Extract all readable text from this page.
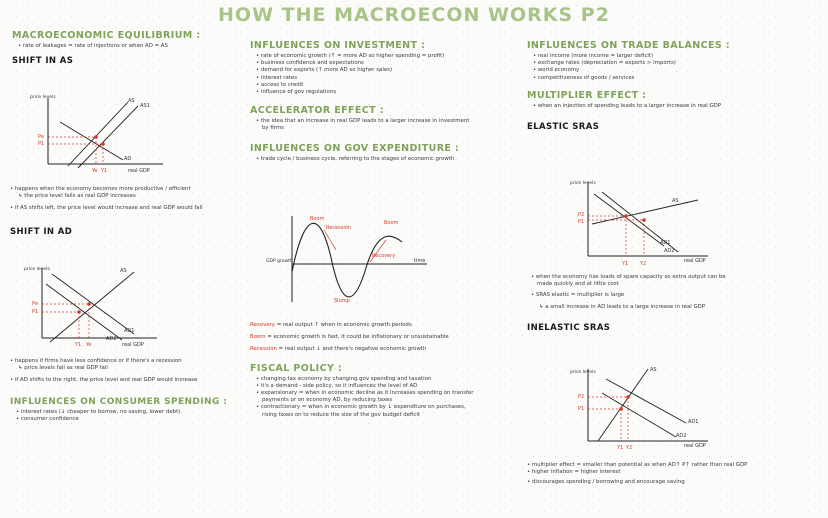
HOW THE MACROECON WORKS P2
MACROECONOMIC EQUILIBRIUM :
• rate of leakages = rate of injections or when AD = AS
SHIFT IN AS
price levels
real GDP
AS
AS1
AD
Pe
P1
Ye Y1
• happens when the economy becomes more productive / efficient
↳ the price level falls as real GDP increases
• if AS shifts left, the price level would increase and real GDP would fall
SHIFT IN AD
price levels
real GDP
AS
AD1
AD2
Pe
P1
Y1 Ye
• happens if firms have less confidence or if there's a recession
↳ price levels fall as real GDP fall
• if AD shifts to the right, the price level and real GDP would increase
INFLUENCES ON CONSUMER SPENDING :
• interest rates (↓ cheaper to borrow, no saving, lower debt)
• consumer confidence
INFLUENCES ON INVESTMENT :
• rate of economic growth (↑ = more AD so higher spending = profit)
• business confidence and expectations
• demand for exports (↑ more AD so higher sales)
• interest rates
• access to credit
• influence of gov regulations
ACCELERATOR EFFECT :
• the idea that an increase in real GDP leads to a larger increase in investment
by firms
INFLUENCES ON GOV EXPENDITURE :
• trade cycle / business cycle, referring to the stages of economic growth
Boom
Recession
Boom
Recovery
Slump
GDP growth	time
Recovery = real output ↑ when in economic growth periods
Boom = economic growth is fast, it could be inflationary or unsustainable
Recession = real output ↓ and there's negative economic growth
FISCAL POLICY :
• changing tax economy by changing gov spending and taxation
• it's a demand - side policy, so it influences the level of AD
• expansionary = when in economic decline as it increases spending on transfer
payments or on economy AD, by reducing taxes
• contractionary = when in economic growth by ↓ expenditure on purchases,
rising taxes on to reduce the size of the gov budget deficit
INFLUENCES ON TRADE BALANCES :
• real income (more income = larger deficit)
• exchange rates (depreciation = exports > imports)
• world economy
• competitiveness of goods / services
MULTIPLIER EFFECT :
• when an injection of spending leads to a larger increase in real GDP
ELASTIC SRAS
price levels
real GDP
AS
AD1
AD2
P2
P1
Y1 Y2
• when the economy has loads of spare capacity so extra output can be
made quickly and at little cost
• SRAS elastic = multiplier is large
↳ a small increase in AD leads to a large increase in real GDP
INELASTIC SRAS
price levels
real GDP
AS
AD1
AD2
P2
P1
Y1 Y2
• multiplier effect = smaller than potential as when AD↑ P↑ rather than real GDP
• higher inflation = higher interest
• discourages spending / borrowing and encourage saving
